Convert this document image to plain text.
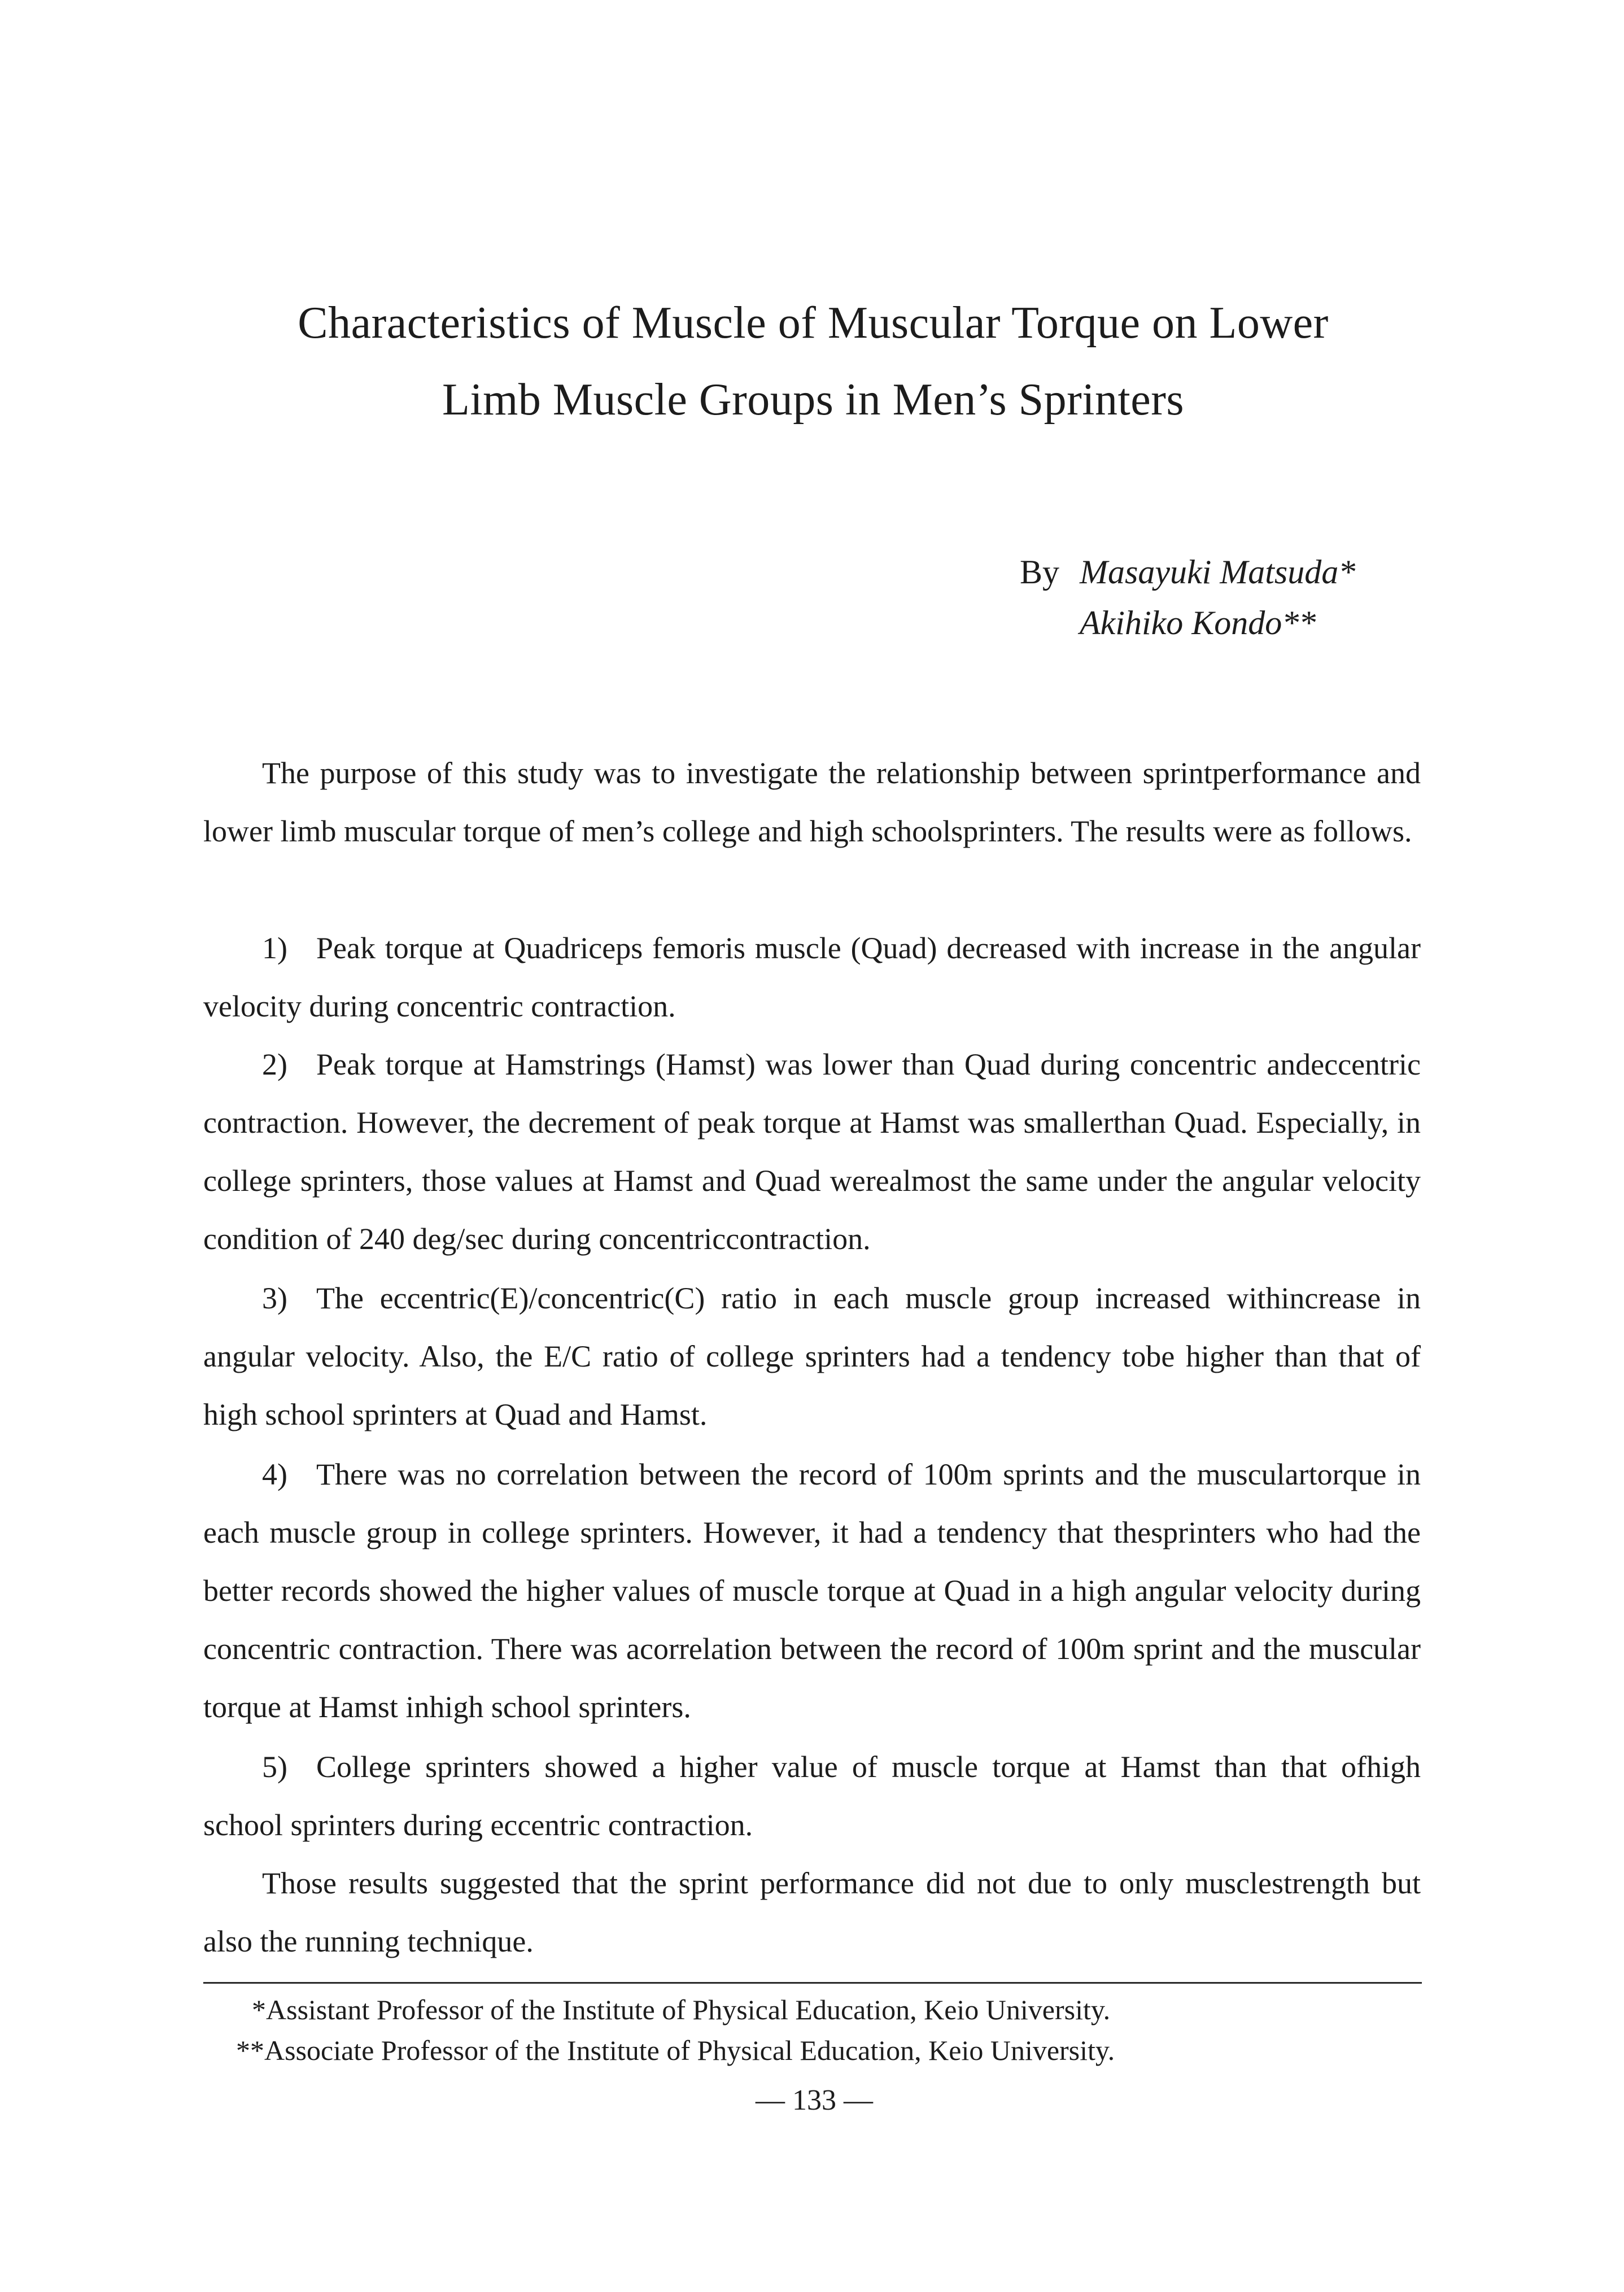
Characteristics of Muscle of Muscular Torque on Lower
Limb Muscle Groups in Men’s Sprinters
By Masayuki Matsuda*
Akihiko Kondo**

The purpose of this study was to investigate the relationship between sprintperformance and lower limb muscular torque of men’s college and high schoolsprinters. The results were as follows.

1) Peak torque at Quadriceps femoris muscle (Quad) decreased with increase in the angular velocity during concentric contraction.

2) Peak torque at Hamstrings (Hamst) was lower than Quad during concentric andeccentric contraction. However, the decrement of peak torque at Hamst was smallerthan Quad. Especially, in college sprinters, those values at Hamst and Quad werealmost the same under the angular velocity condition of 240 deg/sec during concentriccontraction.

3) The eccentric(E)/concentric(C) ratio in each muscle group increased withincrease in angular velocity. Also, the E/C ratio of college sprinters had a tendency tobe higher than that of high school sprinters at Quad and Hamst.

4) There was no correlation between the record of 100m sprints and the musculartorque in each muscle group in college sprinters. However, it had a tendency that thesprinters who had the better records showed the higher values of muscle torque at Quad in a high angular velocity during concentric contraction. There was acorrelation between the record of 100m sprint and the muscular torque at Hamst inhigh school sprinters.

5) College sprinters showed a higher value of muscle torque at Hamst than that ofhigh school sprinters during eccentric contraction.

Those results suggested that the sprint performance did not due to only musclestrength but also the running technique.

*Assistant Professor of the Institute of Physical Education, Keio University.
**Associate Professor of the Institute of Physical Education, Keio University.
— 133 —
